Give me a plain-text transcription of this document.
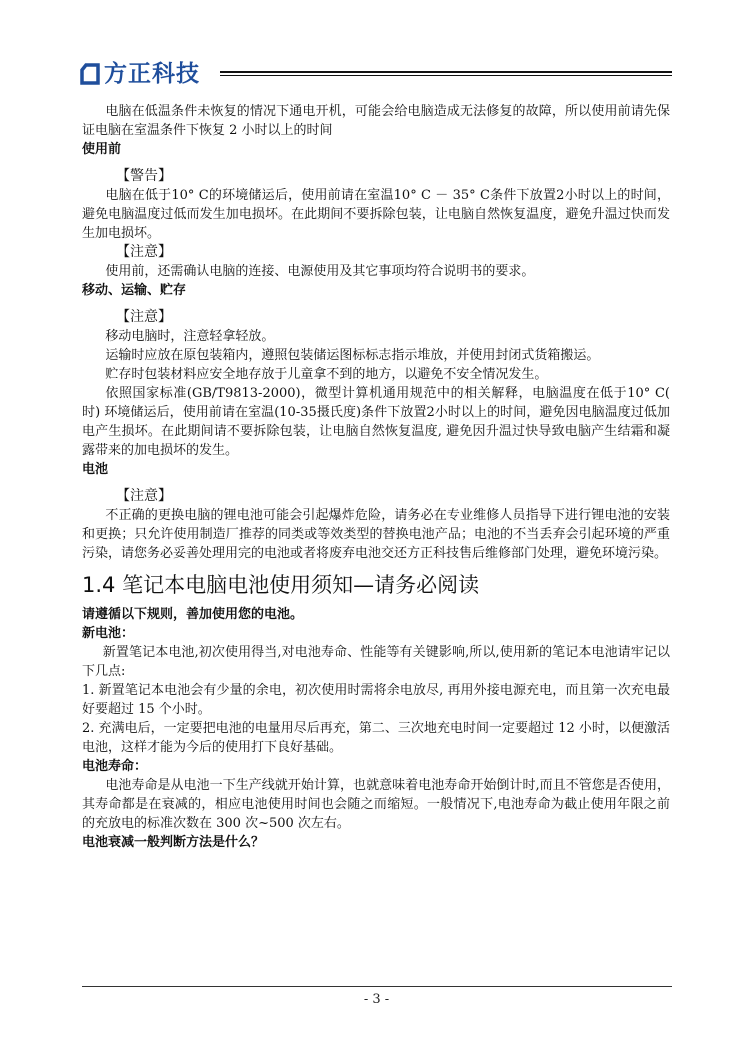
方正科技

电脑在低温条件未恢复的情况下通电开机，可能会给电脑造成无法修复的故障，所以使用前请先保证电脑在室温条件下恢复 2 小时以上的时间

使用前

【警告】

电脑在低于10° C的环境储运后，使用前请在室温10° C － 35° C条件下放置2小时以上的时间，避免电脑温度过低而发生加电损坏。在此期间不要拆除包装，让电脑自然恢复温度，避免升温过快而发生加电损坏。

【注意】

使用前，还需确认电脑的连接、电源使用及其它事项均符合说明书的要求。

移动、运输、贮存

【注意】

移动电脑时，注意轻拿轻放。

运输时应放在原包装箱内，遵照包装储运图标标志指示堆放，并使用封闭式货箱搬运。

贮存时包装材料应安全地存放于儿童拿不到的地方，以避免不安全情况发生。

依照国家标准(GB/T9813-2000)，微型计算机通用规范中的相关解释，电脑温度在低于10° C( 时) 环境储运后，使用前请在室温(10-35摄氏度)条件下放置2小时以上的时间，避免因电脑温度过低加电产生损坏。在此期间请不要拆除包装，让电脑自然恢复温度, 避免因升温过快导致电脑产生结霜和凝露带来的加电损坏的发生。

电池

【注意】

不正确的更换电脑的锂电池可能会引起爆炸危险，请务必在专业维修人员指导下进行锂电池的安装和更换；只允许使用制造厂推荐的同类或等效类型的替换电池产品；电池的不当丢弃会引起环境的严重污染，请您务必妥善处理用完的电池或者将废弃电池交还方正科技售后维修部门处理，避免环境污染。

1.4 笔记本电脑电池使用须知—请务必阅读

请遵循以下规则，善加使用您的电池。

新电池：

新置笔记本电池,初次使用得当,对电池寿命、性能等有关键影响,所以,使用新的笔记本电池请牢记以下几点:

1. 新置笔记本电池会有少量的余电，初次使用时需将余电放尽, 再用外接电源充电，而且第一次充电最好要超过 15 个小时。

2. 充满电后，一定要把电池的电量用尽后再充，第二、三次地充电时间一定要超过 12 小时，以便激活电池，这样才能为今后的使用打下良好基础。

电池寿命：

电池寿命是从电池一下生产线就开始计算，也就意味着电池寿命开始倒计时,而且不管您是否使用，其寿命都是在衰减的，相应电池使用时间也会随之而缩短。一般情况下,电池寿命为截止使用年限之前的充放电的标准次数在 300 次~500 次左右。

电池衰减一般判断方法是什么？

- 3 -
